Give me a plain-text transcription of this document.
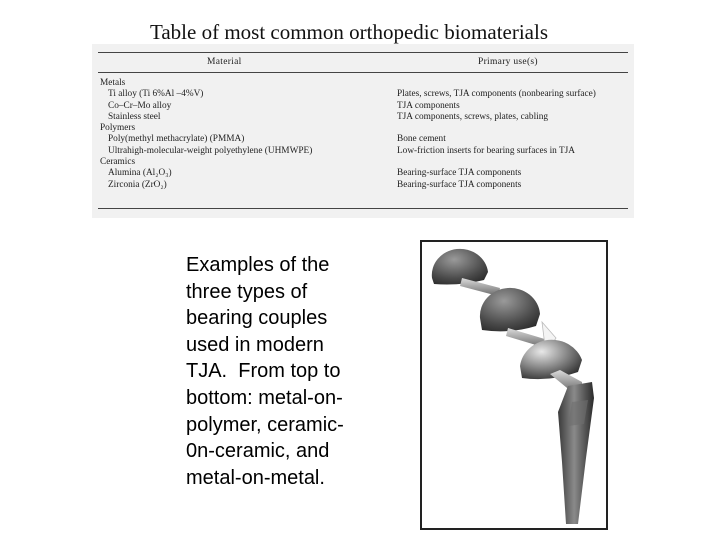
Table of most common orthopedic biomaterials
Material	Primary use(s)
Metals
Ti alloy (Ti 6%Al –4%V)	Plates, screws, TJA components (nonbearing surface)
Co–Cr–Mo alloy	TJA components
Stainless steel	TJA components, screws, plates, cabling
Polymers
Poly(methyl methacrylate) (PMMA)	Bone cement
Ultrahigh-molecular-weight polyethylene (UHMWPE)	Low-friction inserts for bearing surfaces in TJA
Ceramics
Alumina (Al₂O₃)	Bearing-surface TJA components
Zirconia (ZrO₂)	Bearing-surface TJA components
Examples of the
three types of
bearing couples
used in modern
TJA.  From top to
bottom: metal-on-
polymer, ceramic-
0n-ceramic, and
metal-on-metal.
